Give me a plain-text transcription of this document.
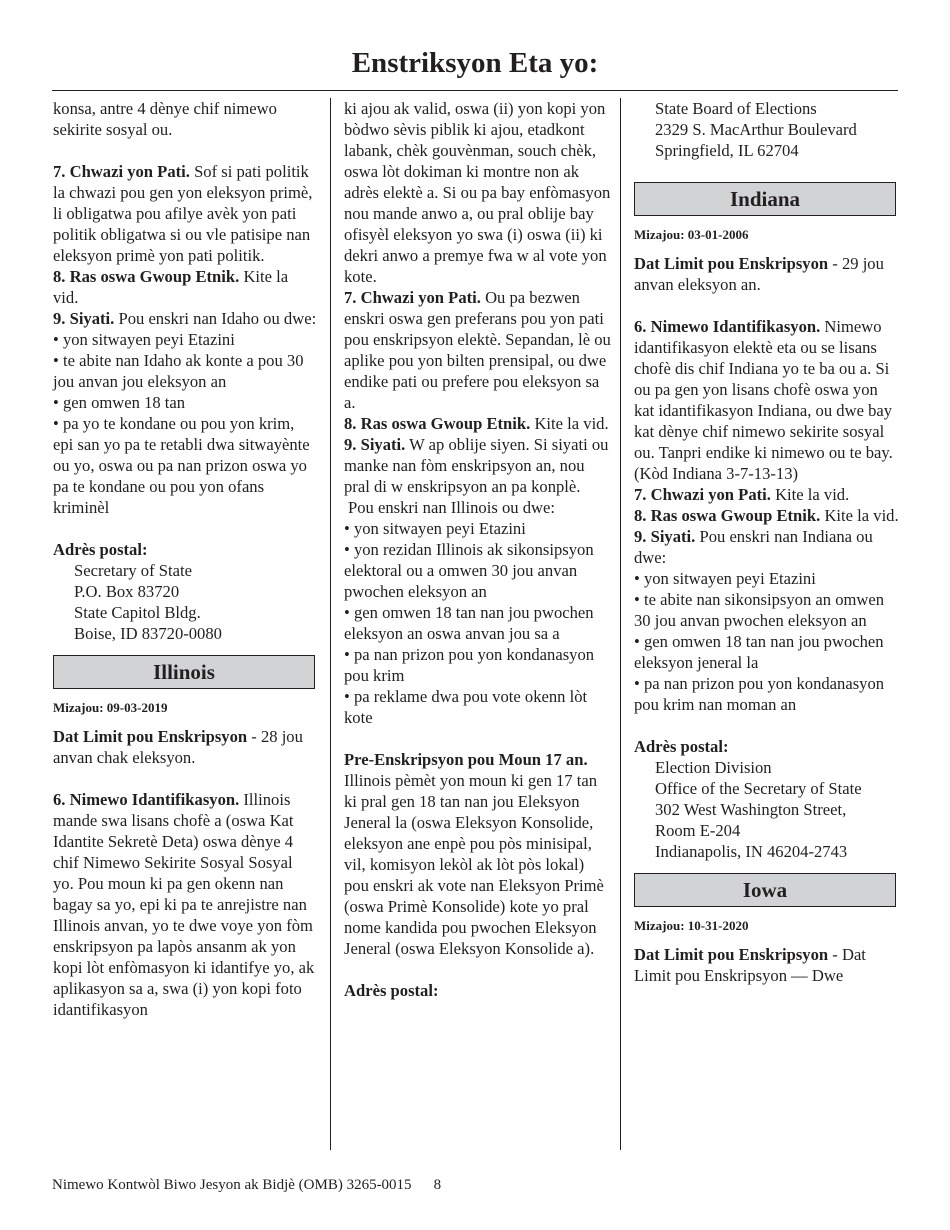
Enstriksyon Eta yo:

konsa, antre 4 dènye chif nimewo sekirite sosyal ou.

7. Chwazi yon Pati. Sof si pati politik la chwazi pou gen yon eleksyon primè, li obligatwa pou afilye avèk yon pati politik obligatwa si ou vle patisipe nan eleksyon primè yon pati politik.

8. Ras oswa Gwoup Etnik. Kite la vid.

9. Siyati. Pou enskri nan Idaho ou dwe:

• yon sitwayen peyi Etazini

• te abite nan Idaho ak konte a pou 30 jou anvan jou eleksyon an

• gen omwen 18 tan

• pa yo te kondane ou pou yon krim, epi san yo pa te retabli dwa sitwayènte ou yo, oswa ou pa nan prizon oswa yo pa te kondane ou pou yon ofans kriminèl

Adrès postal:

Secretary of State

P.O. Box 83720

State Capitol Bldg.

Boise, ID 83720-0080

Illinois

Mizajou: 09-03-2019

Dat Limit pou Enskripsyon - 28 jou anvan chak eleksyon.

6. Nimewo Idantifikasyon. Illinois mande swa lisans chofè a (oswa Kat Idantite Sekretè Deta) oswa dènye 4 chif Nimewo Sekirite Sosyal Sosyal yo. Pou moun ki pa gen okenn nan bagay sa yo, epi ki pa te anrejistre nan Illinois anvan, yo te dwe voye yon fòm enskripsyon pa lapòs ansanm ak yon kopi lòt enfòmasyon ki idantifye yo, ak aplikasyon sa a, swa (i) yon kopi foto idantifikasyon

ki ajou ak valid, oswa (ii) yon kopi yon bòdwo sèvis piblik ki ajou, etadkont labank, chèk gouvènman, souch chèk, oswa lòt dokiman ki montre non ak adrès elektè a. Si ou pa bay enfòmasyon nou mande anwo a, ou pral oblije bay ofisyèl eleksyon yo swa (i) oswa (ii) ki dekri anwo a premye fwa w al vote yon kote.

7. Chwazi yon Pati. Ou pa bezwen enskri oswa gen preferans pou yon pati pou enskripsyon elektè. Sepandan, lè ou aplike pou yon bilten prensipal, ou dwe endike pati ou prefere pou eleksyon sa a.

8. Ras oswa Gwoup Etnik. Kite la vid.

9. Siyati. W ap oblije siyen. Si siyati ou manke nan fòm enskripsyon an, nou pral di w enskripsyon an pa konplè.

Pou enskri nan Illinois ou dwe:

• yon sitwayen peyi Etazini

• yon rezidan Illinois ak sikonsipsyon elektoral ou a omwen 30 jou anvan pwochen eleksyon an

• gen omwen 18 tan nan jou pwochen eleksyon an oswa anvan jou sa a

• pa nan prizon pou yon kondanasyon pou krim

• pa reklame dwa pou vote okenn lòt kote

Pre-Enskripsyon pou Moun 17 an. Illinois pèmèt yon moun ki gen 17 tan ki pral gen 18 tan nan jou Eleksyon Jeneral la (oswa Eleksyon Konsolide, eleksyon ane enpè pou pòs minisipal, vil, komisyon lekòl ak lòt pòs lokal) pou enskri ak vote nan Eleksyon Primè (oswa Primè Konsolide) kote yo pral nome kandida pou pwochen Eleksyon Jeneral (oswa Eleksyon Konsolide a).

Adrès postal:

State Board of Elections

2329 S. MacArthur Boulevard

Springfield, IL 62704

Indiana

Mizajou: 03-01-2006

Dat Limit pou Enskripsyon - 29 jou anvan eleksyon an.

6. Nimewo Idantifikasyon. Nimewo idantifikasyon elektè eta ou se lisans chofè dis chif Indiana yo te ba ou a. Si ou pa gen yon lisans chofè oswa yon kat idantifikasyon Indiana, ou dwe bay kat dènye chif nimewo sekirite sosyal ou. Tanpri endike ki nimewo ou te bay. (Kòd Indiana 3-7-13-13)

7. Chwazi yon Pati. Kite la vid.

8. Ras oswa Gwoup Etnik. Kite la vid.

9. Siyati. Pou enskri nan Indiana ou dwe:

• yon sitwayen peyi Etazini

• te abite nan sikonsipsyon an omwen 30 jou anvan pwochen eleksyon an

• gen omwen 18 tan nan jou pwochen eleksyon jeneral la

• pa nan prizon pou yon kondanasyon pou krim nan moman an

Adrès postal:

Election Division

Office of the Secretary of State

302 West Washington Street,

Room E-204

Indianapolis, IN 46204-2743

Iowa

Mizajou: 10-31-2020

Dat Limit pou Enskripsyon - Dat Limit pou Enskripsyon — Dwe

Nimewo Kontwòl Biwo Jesyon ak Bidjè (OMB) 3265-0015 8
